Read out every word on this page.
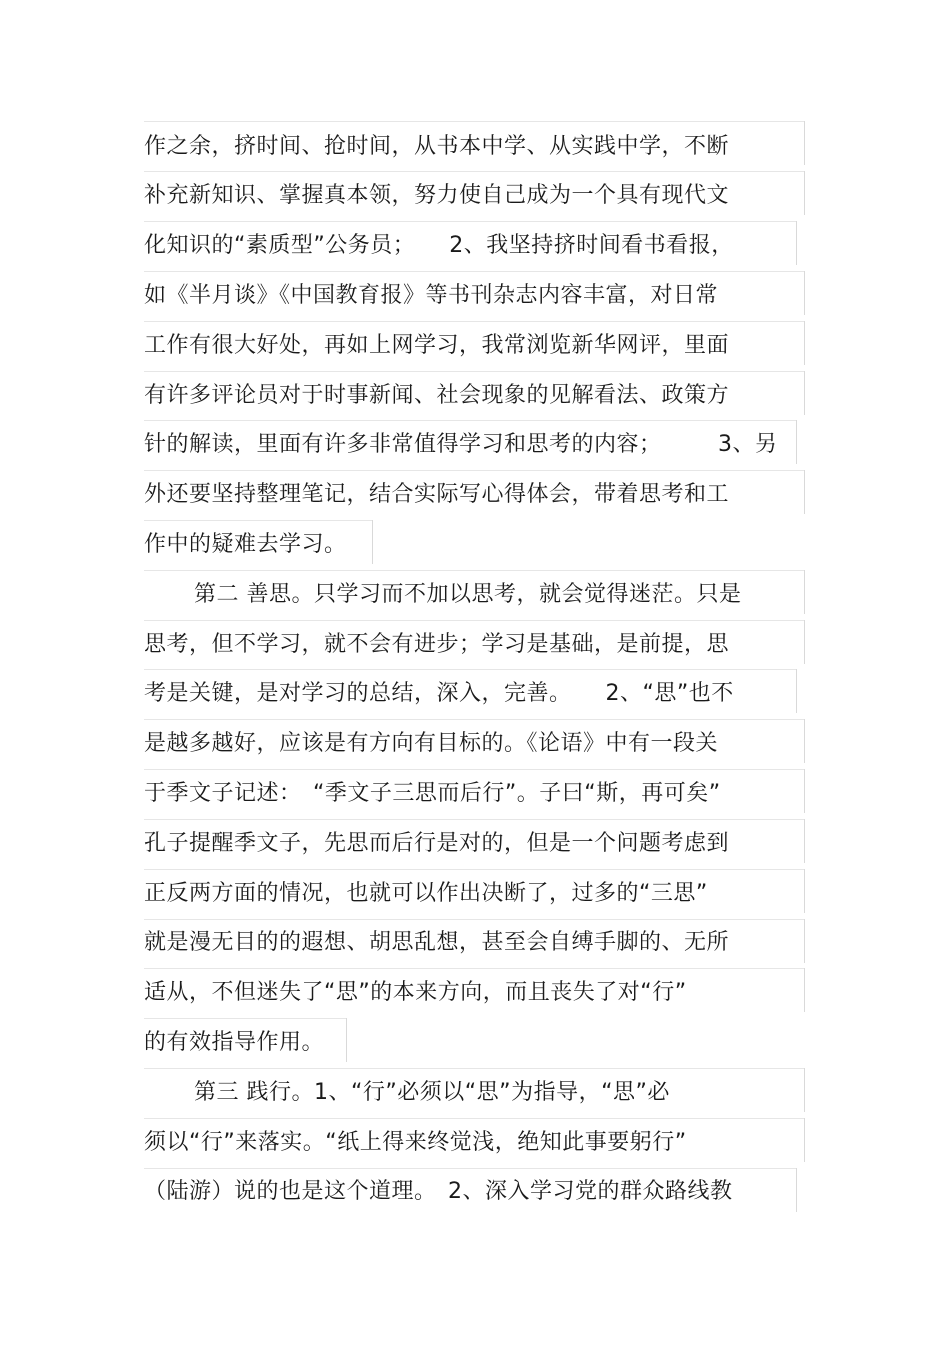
作之余，挤时间、抢时间，从书本中学、从实践中学，不断
补充新知识、掌握真本领，努力使自己成为一个具有现代文
化知识的“素质型”公务员；　　2、我坚持挤时间看书看报，
如《半月谈》《中国教育报》等书刊杂志内容丰富，对日常
工作有很大好处，再如上网学习，我常浏览新华网评，里面
有许多评论员对于时事新闻、社会现象的见解看法、政策方
针的解读，里面有许多非常值得学习和思考的内容；　　　3、另
外还要坚持整理笔记，结合实际写心得体会，带着思考和工
作中的疑难去学习。
第二 善思。只学习而不加以思考，就会觉得迷茫。只是
思考，但不学习，就不会有进步；学习是基础，是前提，思
考是关键，是对学习的总结，深入，完善。　　2、“思”也不
是越多越好，应该是有方向有目标的。《论语》中有一段关
于季文子记述：　“季文子三思而后行”。子曰“斯，再可矣”
孔子提醒季文子，先思而后行是对的，但是一个问题考虑到
正反两方面的情况，也就可以作出决断了，过多的“三思”
就是漫无目的的遐想、胡思乱想，甚至会自缚手脚的、无所
适从，不但迷失了“思”的本来方向，而且丧失了对“行”
的有效指导作用。
第三 践行。1、“行”必须以“思”为指导，“思”必
须以“行”来落实。“纸上得来终觉浅，绝知此事要躬行”
（陆游）说的也是这个道理。　2、深入学习党的群众路线教
